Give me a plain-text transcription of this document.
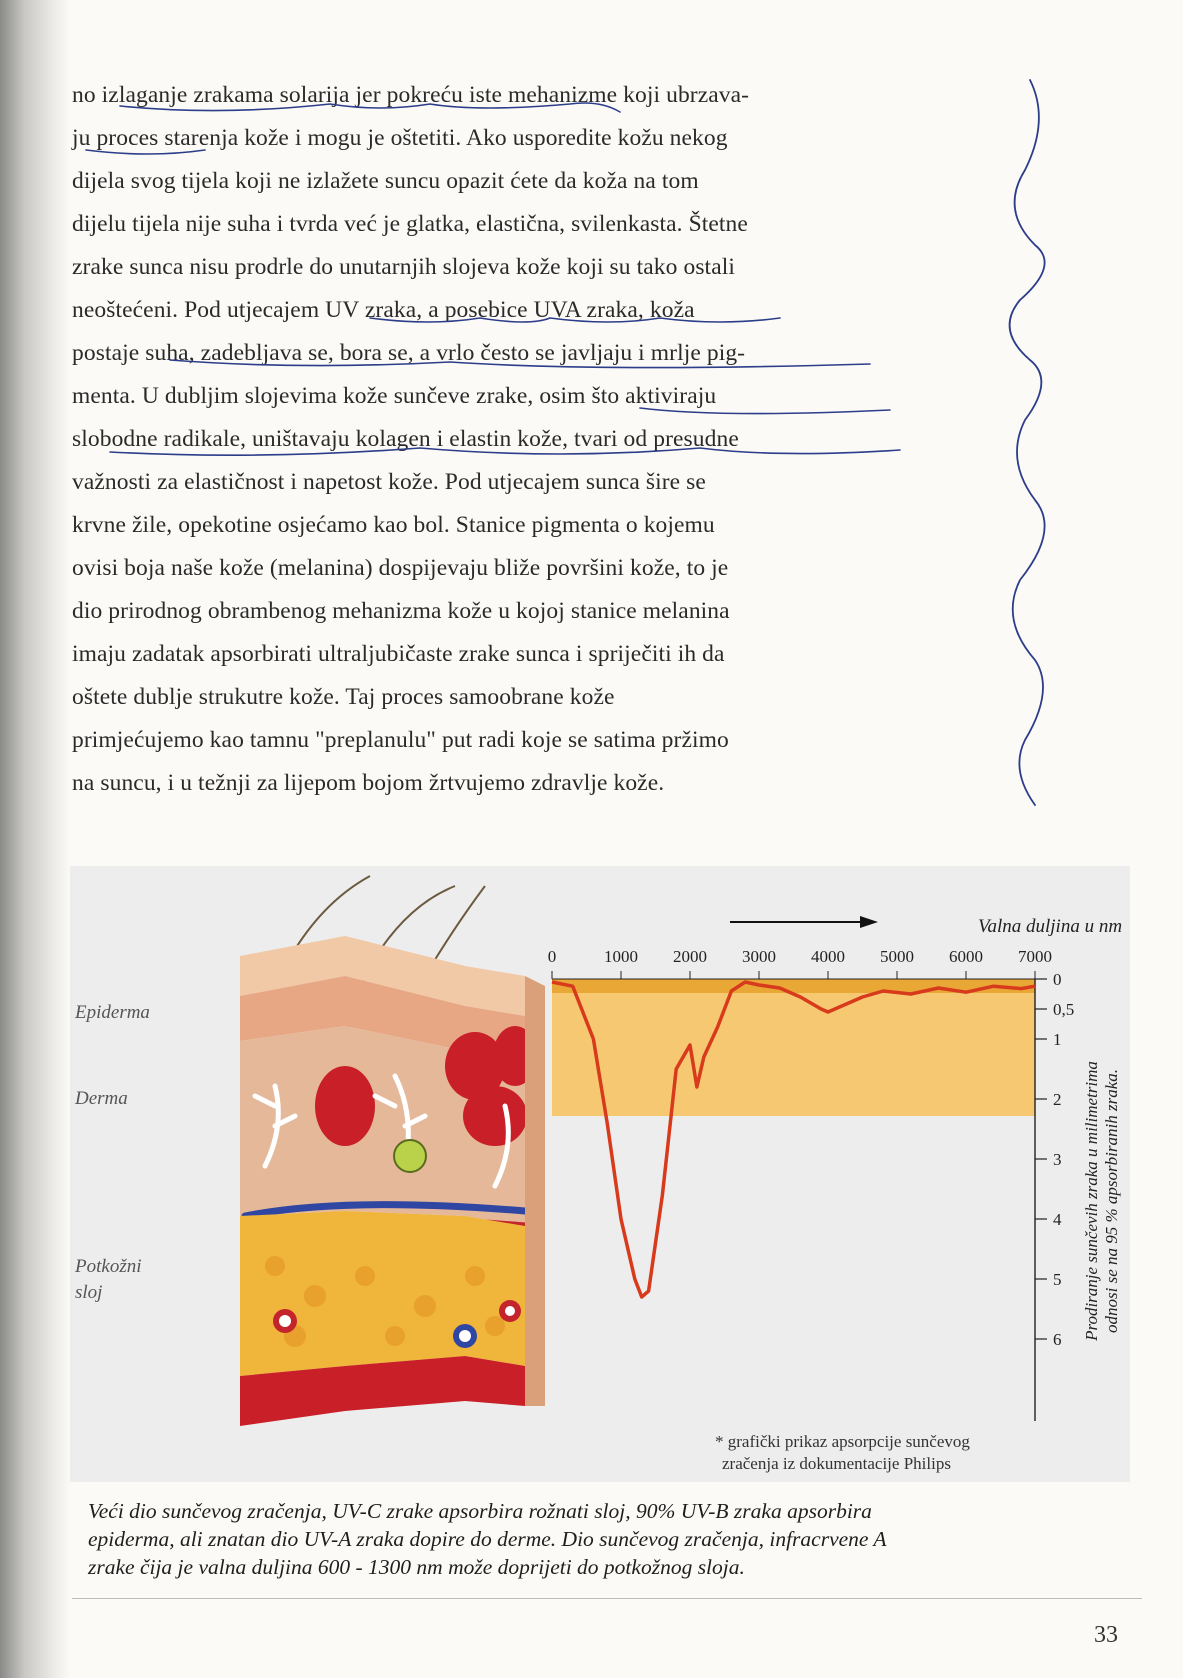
no izlaganje zrakama solarija jer pokreću iste mehanizme koji ubrzava-
ju proces starenja kože i mogu je oštetiti. Ako usporedite kožu nekog
dijela svog tijela koji ne izlažete suncu opazit ćete da koža na tom
dijelu tijela nije suha i tvrda već je glatka, elastična, svilenkasta. Štetne
zrake sunca nisu prodrle do unutarnjih slojeva kože koji su tako ostali
neoštećeni. Pod utjecajem UV zraka, a posebice UVA zraka, koža
postaje suha, zadebljava se, bora se, a vrlo često se javljaju i mrlje pig-
menta. U dubljim slojevima kože sunčeve zrake, osim što aktiviraju
slobodne radikale, uništavaju kolagen i elastin kože, tvari od presudne
važnosti za elastičnost i napetost kože. Pod utjecajem sunca šire se
krvne žile, opekotine osjećamo kao bol. Stanice pigmenta o kojemu
ovisi boja naše kože (melanina) dospijevaju bliže površini kože, to je
dio prirodnog obrambenog mehanizma kože u kojoj stanice melanina
imaju zadatak apsorbirati ultraljubičaste zrake sunca i spriječiti ih da
oštete dublje strukutre kože. Taj proces samoobrane kože
primjećujemo kao tamnu "preplanulu" put radi koje se satima pržimo
na suncu, i u težnji za lijepom bojom žrtvujemo zdravlje kože.

Epiderma
Derma
Potkožni
sloj
Valna duljina u nm
0	1000 2000 3000 4000 5000 6000 7000
0
0,5
1
2
3
4
5
6 Prodiranje sunčevih zraka u milimetrima odnosi se na 95 % apsorbiranih zraka.
* grafički prikaz apsorpcije sunčevog
zračenja iz dokumentacije Philips

Veći dio sunčevog zračenja, UV-C zrake apsorbira rožnati sloj, 90% UV-B zraka apsorbira
epiderma, ali znatan dio UV-A zraka dopire do derme. Dio sunčevog zračenja, infracrvene A
zrake čija je valna duljina 600 - 1300 nm može doprijeti do potkožnog sloja.

33
